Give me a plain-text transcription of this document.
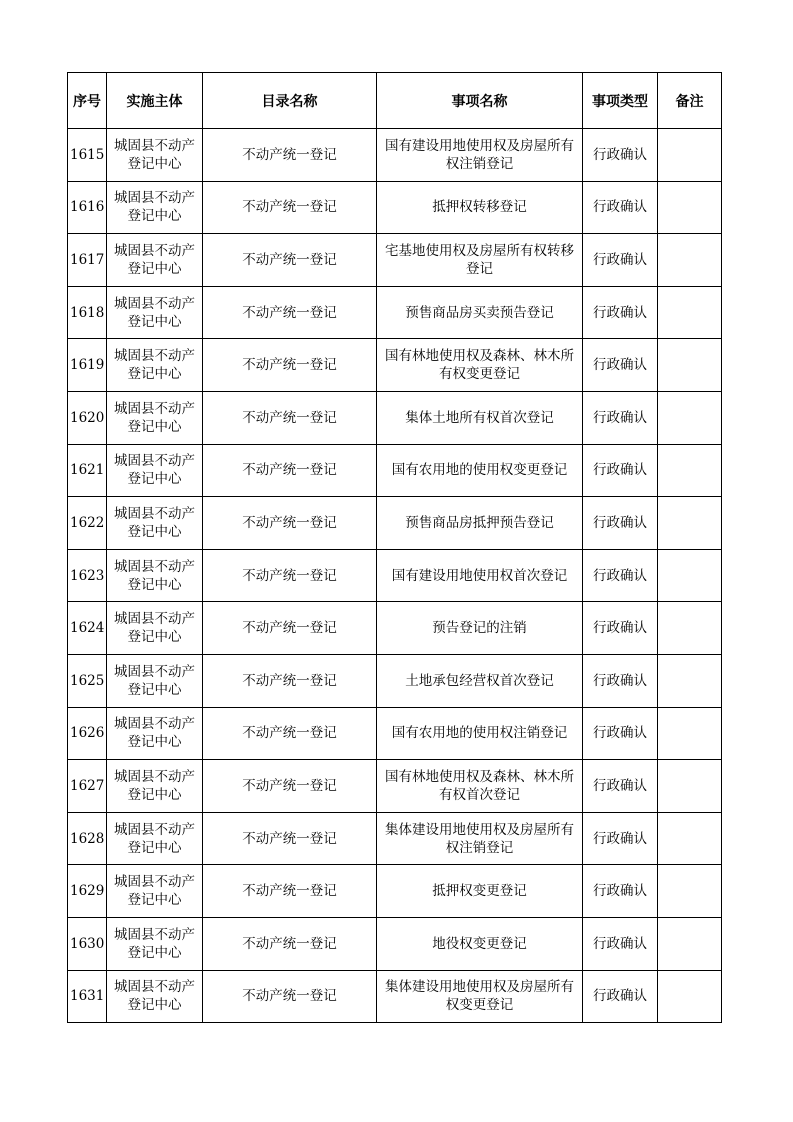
序号	实施主体	目录名称	事项名称	事项类型	备注
1615	城固县不动产登记中心	不动产统一登记	国有建设用地使用权及房屋所有权注销登记	行政确认	
1616	城固县不动产登记中心	不动产统一登记	抵押权转移登记	行政确认	
1617	城固县不动产登记中心	不动产统一登记	宅基地使用权及房屋所有权转移登记	行政确认	
1618	城固县不动产登记中心	不动产统一登记	预售商品房买卖预告登记	行政确认	
1619	城固县不动产登记中心	不动产统一登记	国有林地使用权及森林、林木所有权变更登记	行政确认	
1620	城固县不动产登记中心	不动产统一登记	集体土地所有权首次登记	行政确认	
1621	城固县不动产登记中心	不动产统一登记	国有农用地的使用权变更登记	行政确认	
1622	城固县不动产登记中心	不动产统一登记	预售商品房抵押预告登记	行政确认	
1623	城固县不动产登记中心	不动产统一登记	国有建设用地使用权首次登记	行政确认	
1624	城固县不动产登记中心	不动产统一登记	预告登记的注销	行政确认	
1625	城固县不动产登记中心	不动产统一登记	土地承包经营权首次登记	行政确认	
1626	城固县不动产登记中心	不动产统一登记	国有农用地的使用权注销登记	行政确认	
1627	城固县不动产登记中心	不动产统一登记	国有林地使用权及森林、林木所有权首次登记	行政确认	
1628	城固县不动产登记中心	不动产统一登记	集体建设用地使用权及房屋所有权注销登记	行政确认	
1629	城固县不动产登记中心	不动产统一登记	抵押权变更登记	行政确认	
1630	城固县不动产登记中心	不动产统一登记	地役权变更登记	行政确认	
1631	城固县不动产登记中心	不动产统一登记	集体建设用地使用权及房屋所有权变更登记	行政确认	
